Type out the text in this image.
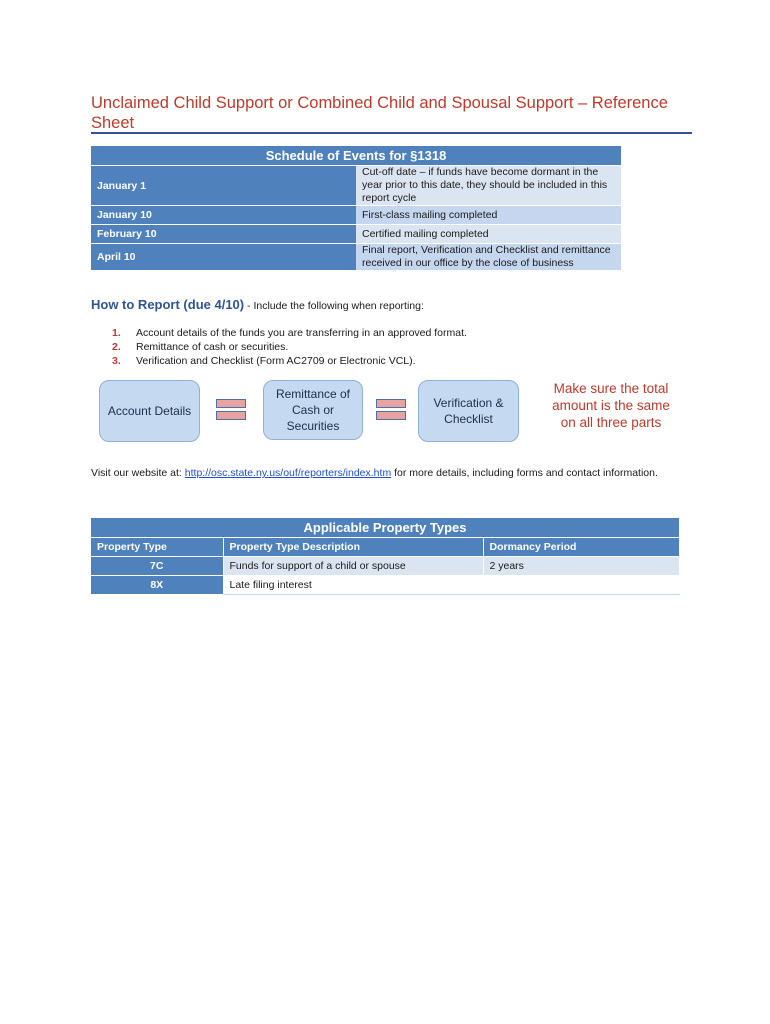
Unclaimed Child Support or Combined Child and Spousal Support – Reference Sheet
Schedule of Events for §1318	
January 1	Cut-off date – if funds have become dormant in the year prior to this date, they should be included in this report cycle
January 10	First-class mailing completed
February 10	Certified mailing completed
April 10	Final report, Verification and Checklist and remittance received in our office by the close of business

How to Report (due 4/10) - Include the following when reporting:

1.	Account details of the funds you are transferring in an approved format.
2.	Remittance of cash or securities.
3.	Verification and Checklist (Form AC2709 or Electronic VCL).
Account Details
Remittance of Cash or Securities
Verification & Checklist
Make sure the total amount is the same on all three parts

Visit our website at: http://osc.state.ny.us/ouf/reporters/index.htm for more details, including forms and contact information.

Applicable Property Types		
Property Type	Property Type Description	Dormancy Period
7C	Funds for support of a child or spouse	2 years
8X	Late filing interest	
